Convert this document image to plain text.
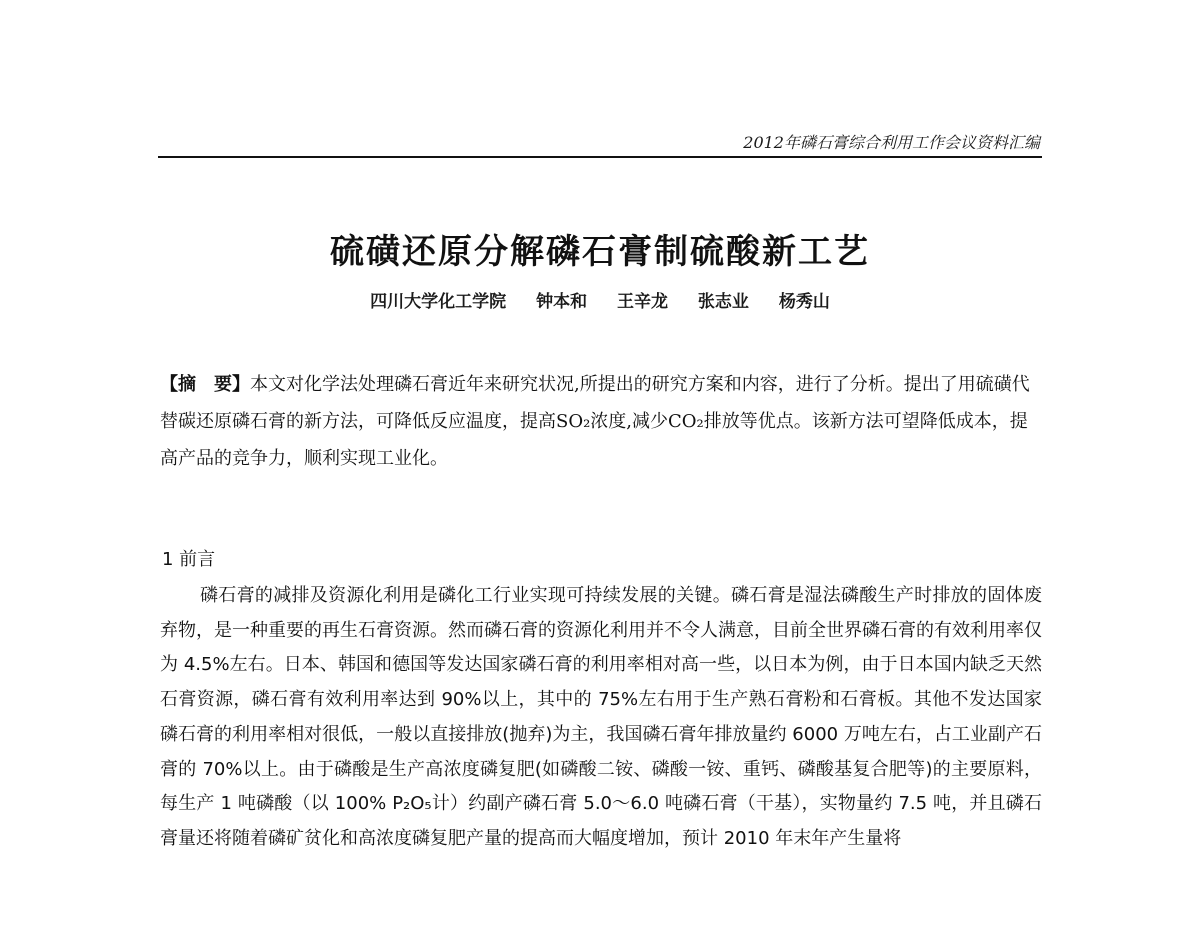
2012年磷石膏综合利用工作会议资料汇编
硫磺还原分解磷石膏制硫酸新工艺
四川大学化工学院 钟本和 王辛龙 张志业 杨秀山
【摘　要】本文对化学法处理磷石膏近年来研究状况,所提出的研究方案和内容，进行了分析。提出了用硫磺代替碳还原磷石膏的新方法，可降低反应温度，提高SO₂浓度,减少CO₂排放等优点。该新方法可望降低成本，提高产品的竞争力，顺利实现工业化。
1 前言
磷石膏的减排及资源化利用是磷化工行业实现可持续发展的关键。磷石膏是湿法磷酸生产时排放的固体废弃物，是一种重要的再生石膏资源。然而磷石膏的资源化利用并不令人满意，目前全世界磷石膏的有效利用率仅为 4.5%左右。日本、韩国和德国等发达国家磷石膏的利用率相对高一些，以日本为例，由于日本国内缺乏天然石膏资源，磷石膏有效利用率达到 90%以上，其中的 75%左右用于生产熟石膏粉和石膏板。其他不发达国家磷石膏的利用率相对很低，一般以直接排放(抛弃)为主，我国磷石膏年排放量约 6000 万吨左右，占工业副产石膏的 70%以上。由于磷酸是生产高浓度磷复肥(如磷酸二铵、磷酸一铵、重钙、磷酸基复合肥等)的主要原料，每生产 1 吨磷酸（以 100% P₂O₅计）约副产磷石膏 5.0～6.0 吨磷石膏（干基），实物量约 7.5 吨，并且磷石膏量还将随着磷矿贫化和高浓度磷复肥产量的提高而大幅度增加，预计 2010 年末年产生量将
